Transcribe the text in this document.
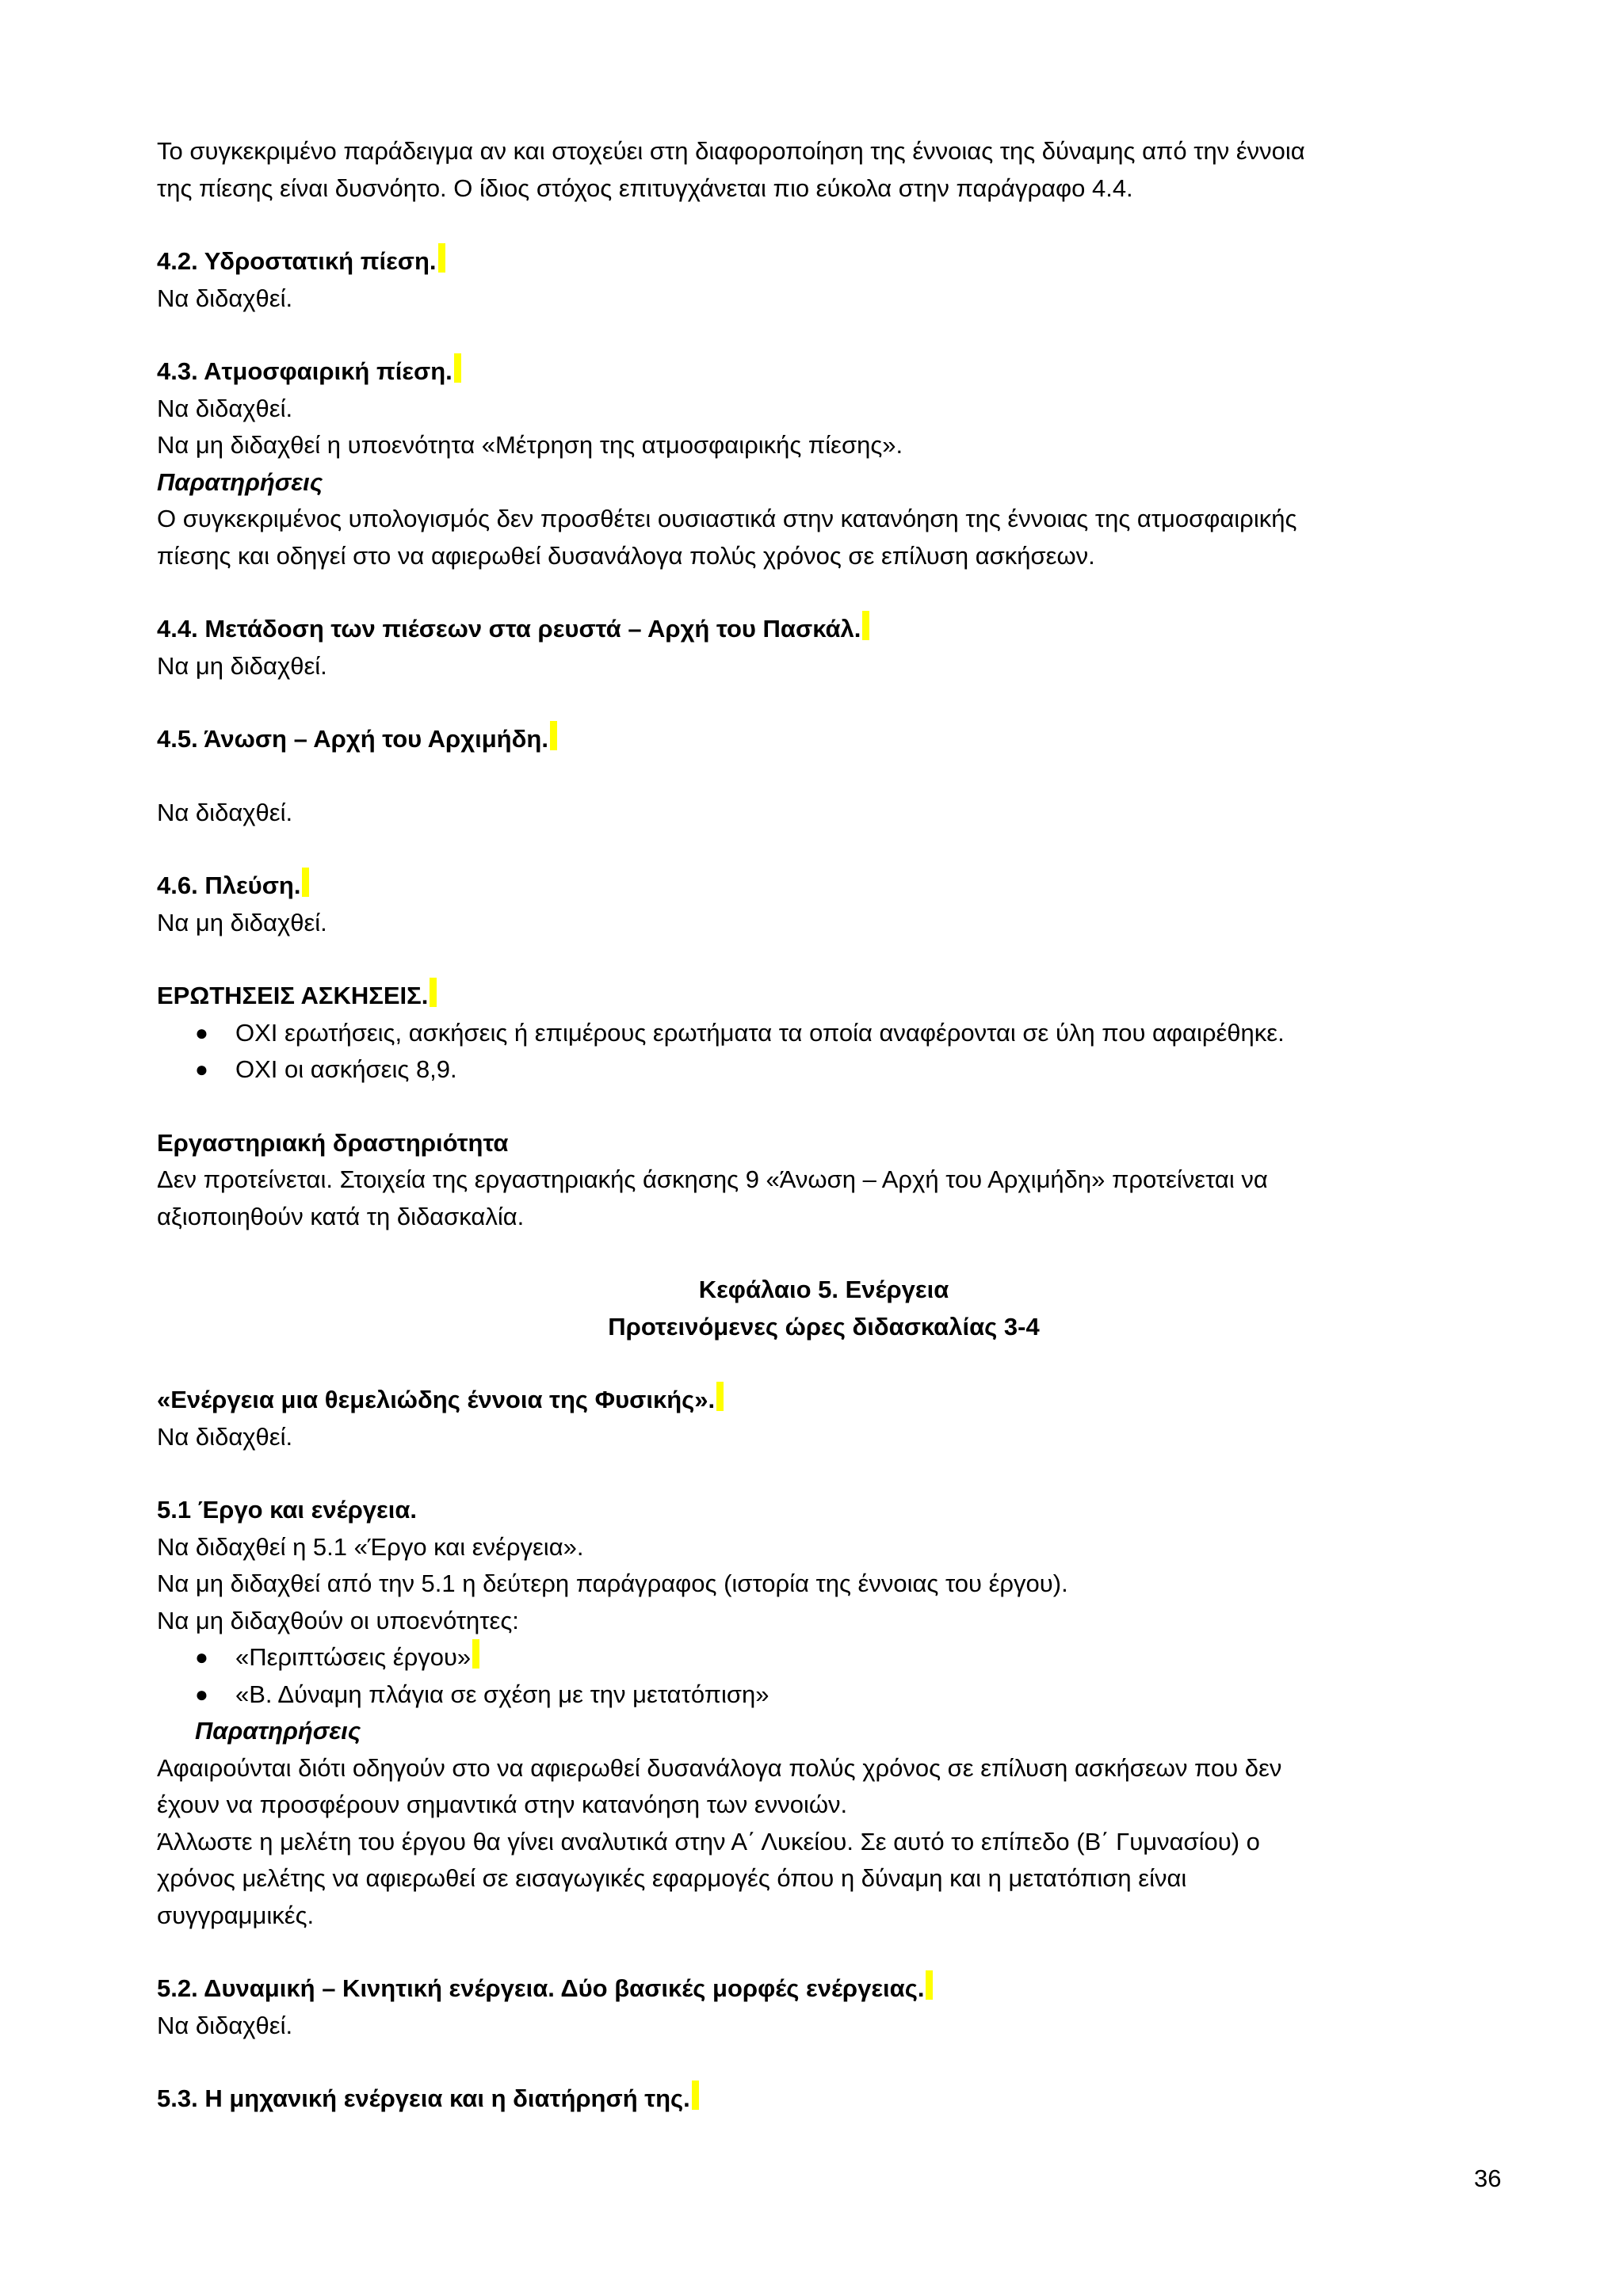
Το συγκεκριμένο παράδειγμα αν και στοχεύει στη διαφοροποίηση της έννοιας της δύναμης από την έννοια

της πίεσης είναι δυσνόητο. Ο ίδιος στόχος επιτυγχάνεται πιο εύκολα στην παράγραφο 4.4.

4.2. Υδροστατική πίεση.

Να διδαχθεί.

4.3. Ατμοσφαιρική πίεση.

Να διδαχθεί.

Να μη διδαχθεί η υποενότητα «Μέτρηση της ατμοσφαιρικής πίεσης».

Παρατηρήσεις

Ο συγκεκριμένος υπολογισμός δεν προσθέτει ουσιαστικά στην κατανόηση της έννοιας της ατμοσφαιρικής

πίεσης και οδηγεί στο να αφιερωθεί δυσανάλογα πολύς χρόνος σε επίλυση ασκήσεων.

4.4. Μετάδοση των πιέσεων στα ρευστά – Αρχή του Πασκάλ.

Να μη διδαχθεί.

4.5. Άνωση – Αρχή του Αρχιμήδη.

Να διδαχθεί.

4.6. Πλεύση.

Να μη διδαχθεί.

ΕΡΩΤΗΣΕΙΣ ΑΣΚΗΣΕΙΣ.

● ΟΧΙ ερωτήσεις, ασκήσεις ή επιμέρους ερωτήματα τα οποία αναφέρονται σε ύλη που αφαιρέθηκε.
● ΟΧΙ οι ασκήσεις 8,9.

Εργαστηριακή δραστηριότητα

Δεν προτείνεται. Στοιχεία της εργαστηριακής άσκησης 9 «Άνωση – Αρχή του Αρχιμήδη» προτείνεται να

αξιοποιηθούν κατά τη διδασκαλία.

Κεφάλαιο 5. Ενέργεια

Προτεινόμενες ώρες διδασκαλίας 3-4

«Ενέργεια μια θεμελιώδης έννοια της Φυσικής».

Να διδαχθεί.

5.1 Έργο και ενέργεια.

Να διδαχθεί η 5.1 «Έργο και ενέργεια».

Να μη διδαχθεί από την 5.1 η δεύτερη παράγραφος (ιστορία της έννοιας του έργου).

Να μη διδαχθούν οι υποενότητες:

● «Περιπτώσεις έργου»
● «Β. Δύναμη πλάγια σε σχέση με την μετατόπιση»

Παρατηρήσεις

Αφαιρούνται διότι οδηγούν στο να αφιερωθεί δυσανάλογα πολύς χρόνος σε επίλυση ασκήσεων που δεν

έχουν να προσφέρουν σημαντικά στην κατανόηση των εννοιών.

Άλλωστε η μελέτη του έργου θα γίνει αναλυτικά στην Α΄ Λυκείου. Σε αυτό το επίπεδο (Β΄ Γυμνασίου) ο

χρόνος μελέτης να αφιερωθεί σε εισαγωγικές εφαρμογές όπου η δύναμη και η μετατόπιση είναι

συγγραμμικές.

5.2. Δυναμική – Κινητική ενέργεια. Δύο βασικές μορφές ενέργειας.

Να διδαχθεί.

5.3. Η μηχανική ενέργεια και η διατήρησή της.

36
